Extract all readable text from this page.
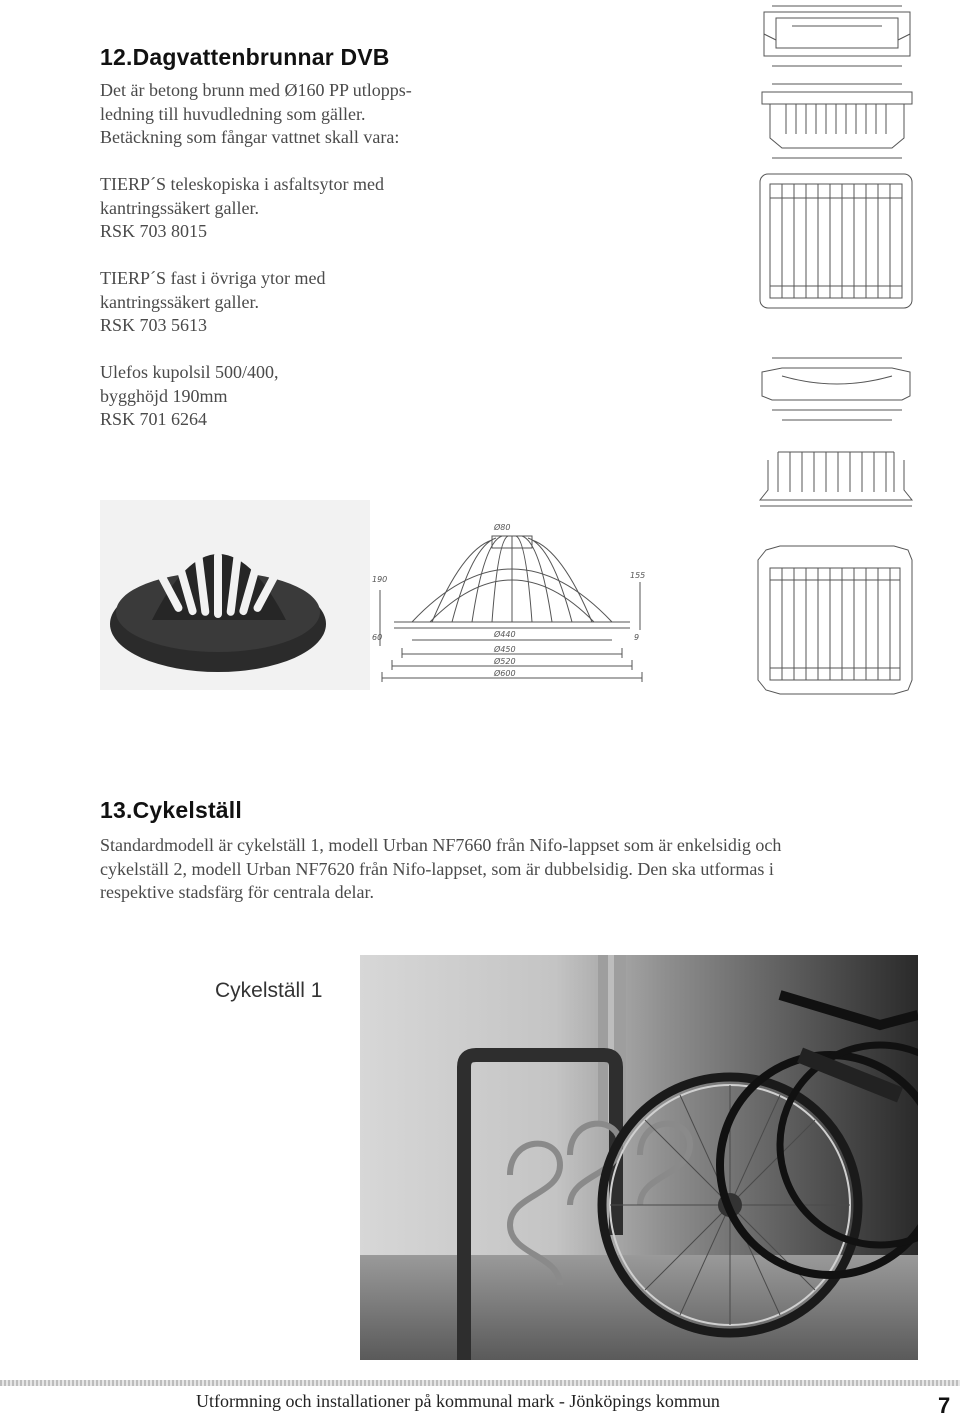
12.Dagvattenbrunnar DVB

Det är betong brunn med Ø160 PP utlopps-

ledning till huvudledning som gäller.

Betäckning som fångar vattnet skall vara:

TIERP´S teleskopiska i asfaltsytor med

kantringssäkert galler.

RSK 703 8015

TIERP´S fast i övriga ytor med

kantringssäkert galler.

RSK 703 5613

Ulefos kupolsil 500/400,

bygghöjd 190mm

RSK 701 6264

Ø80
190	155
60	9
Ø440
Ø450
Ø520
Ø600
13.Cykelställ

Standardmodell är cykelställ 1, modell Urban NF7660 från Nifo-lappset som är enkelsidig och

cykelställ 2, modell Urban NF7620 från Nifo-lappset, som är dubbelsidig. Den ska utformas i

respektive stadsfärg för centrala delar.

Cykelställ 1
Utformning och installationer på kommunal mark - Jönköpings kommun	7
